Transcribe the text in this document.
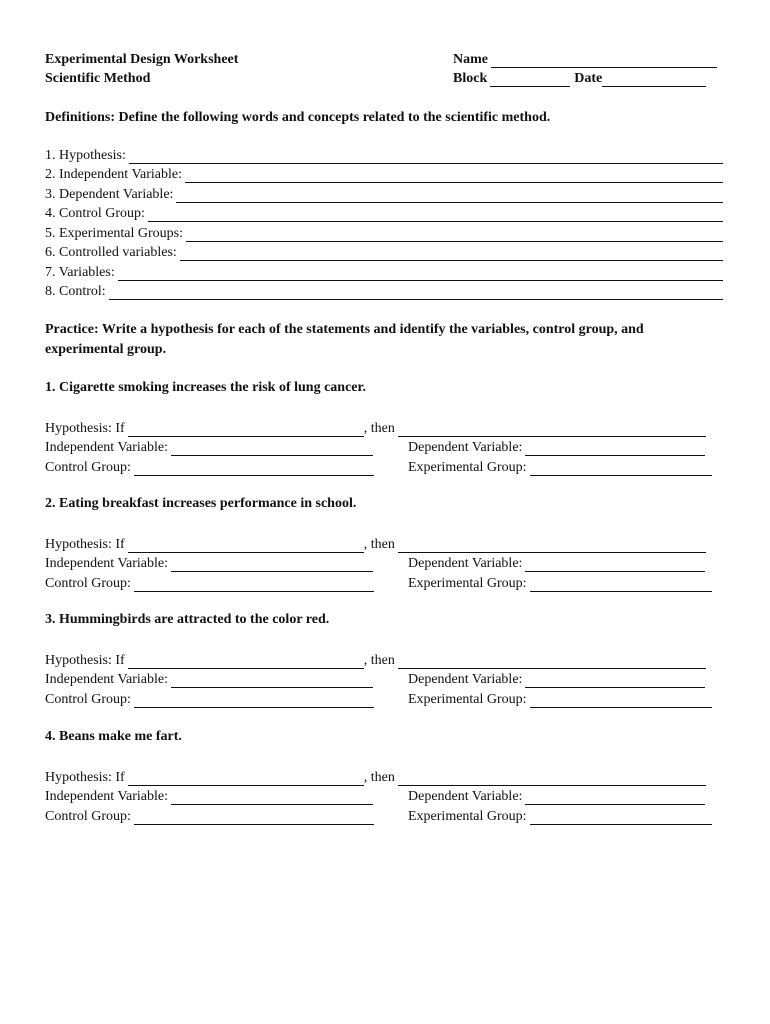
Experimental Design Worksheet
Scientific Method
Name
Block	Date
Definitions: Define the following words and concepts related to the scientific method.
1. Hypothesis:
2. Independent Variable:
3. Dependent Variable:
4. Control Group:
5. Experimental Groups:
6. Controlled variables:
7. Variables:
8. Control:
Practice: Write a hypothesis for each of the statements and identify the variables, control group, and experimental group.
1. Cigarette smoking increases the risk of lung cancer.
Hypothesis: If	, then
Independent Variable:	Dependent Variable:
Control Group:	Experimental Group:
2. Eating breakfast increases performance in school.
Hypothesis: If	, then
Independent Variable:	Dependent Variable:
Control Group:	Experimental Group:
3. Hummingbirds are attracted to the color red.
Hypothesis: If	, then
Independent Variable:	Dependent Variable:
Control Group:	Experimental Group:
4. Beans make me fart.
Hypothesis: If	, then
Independent Variable:	Dependent Variable:
Control Group:	Experimental Group:
